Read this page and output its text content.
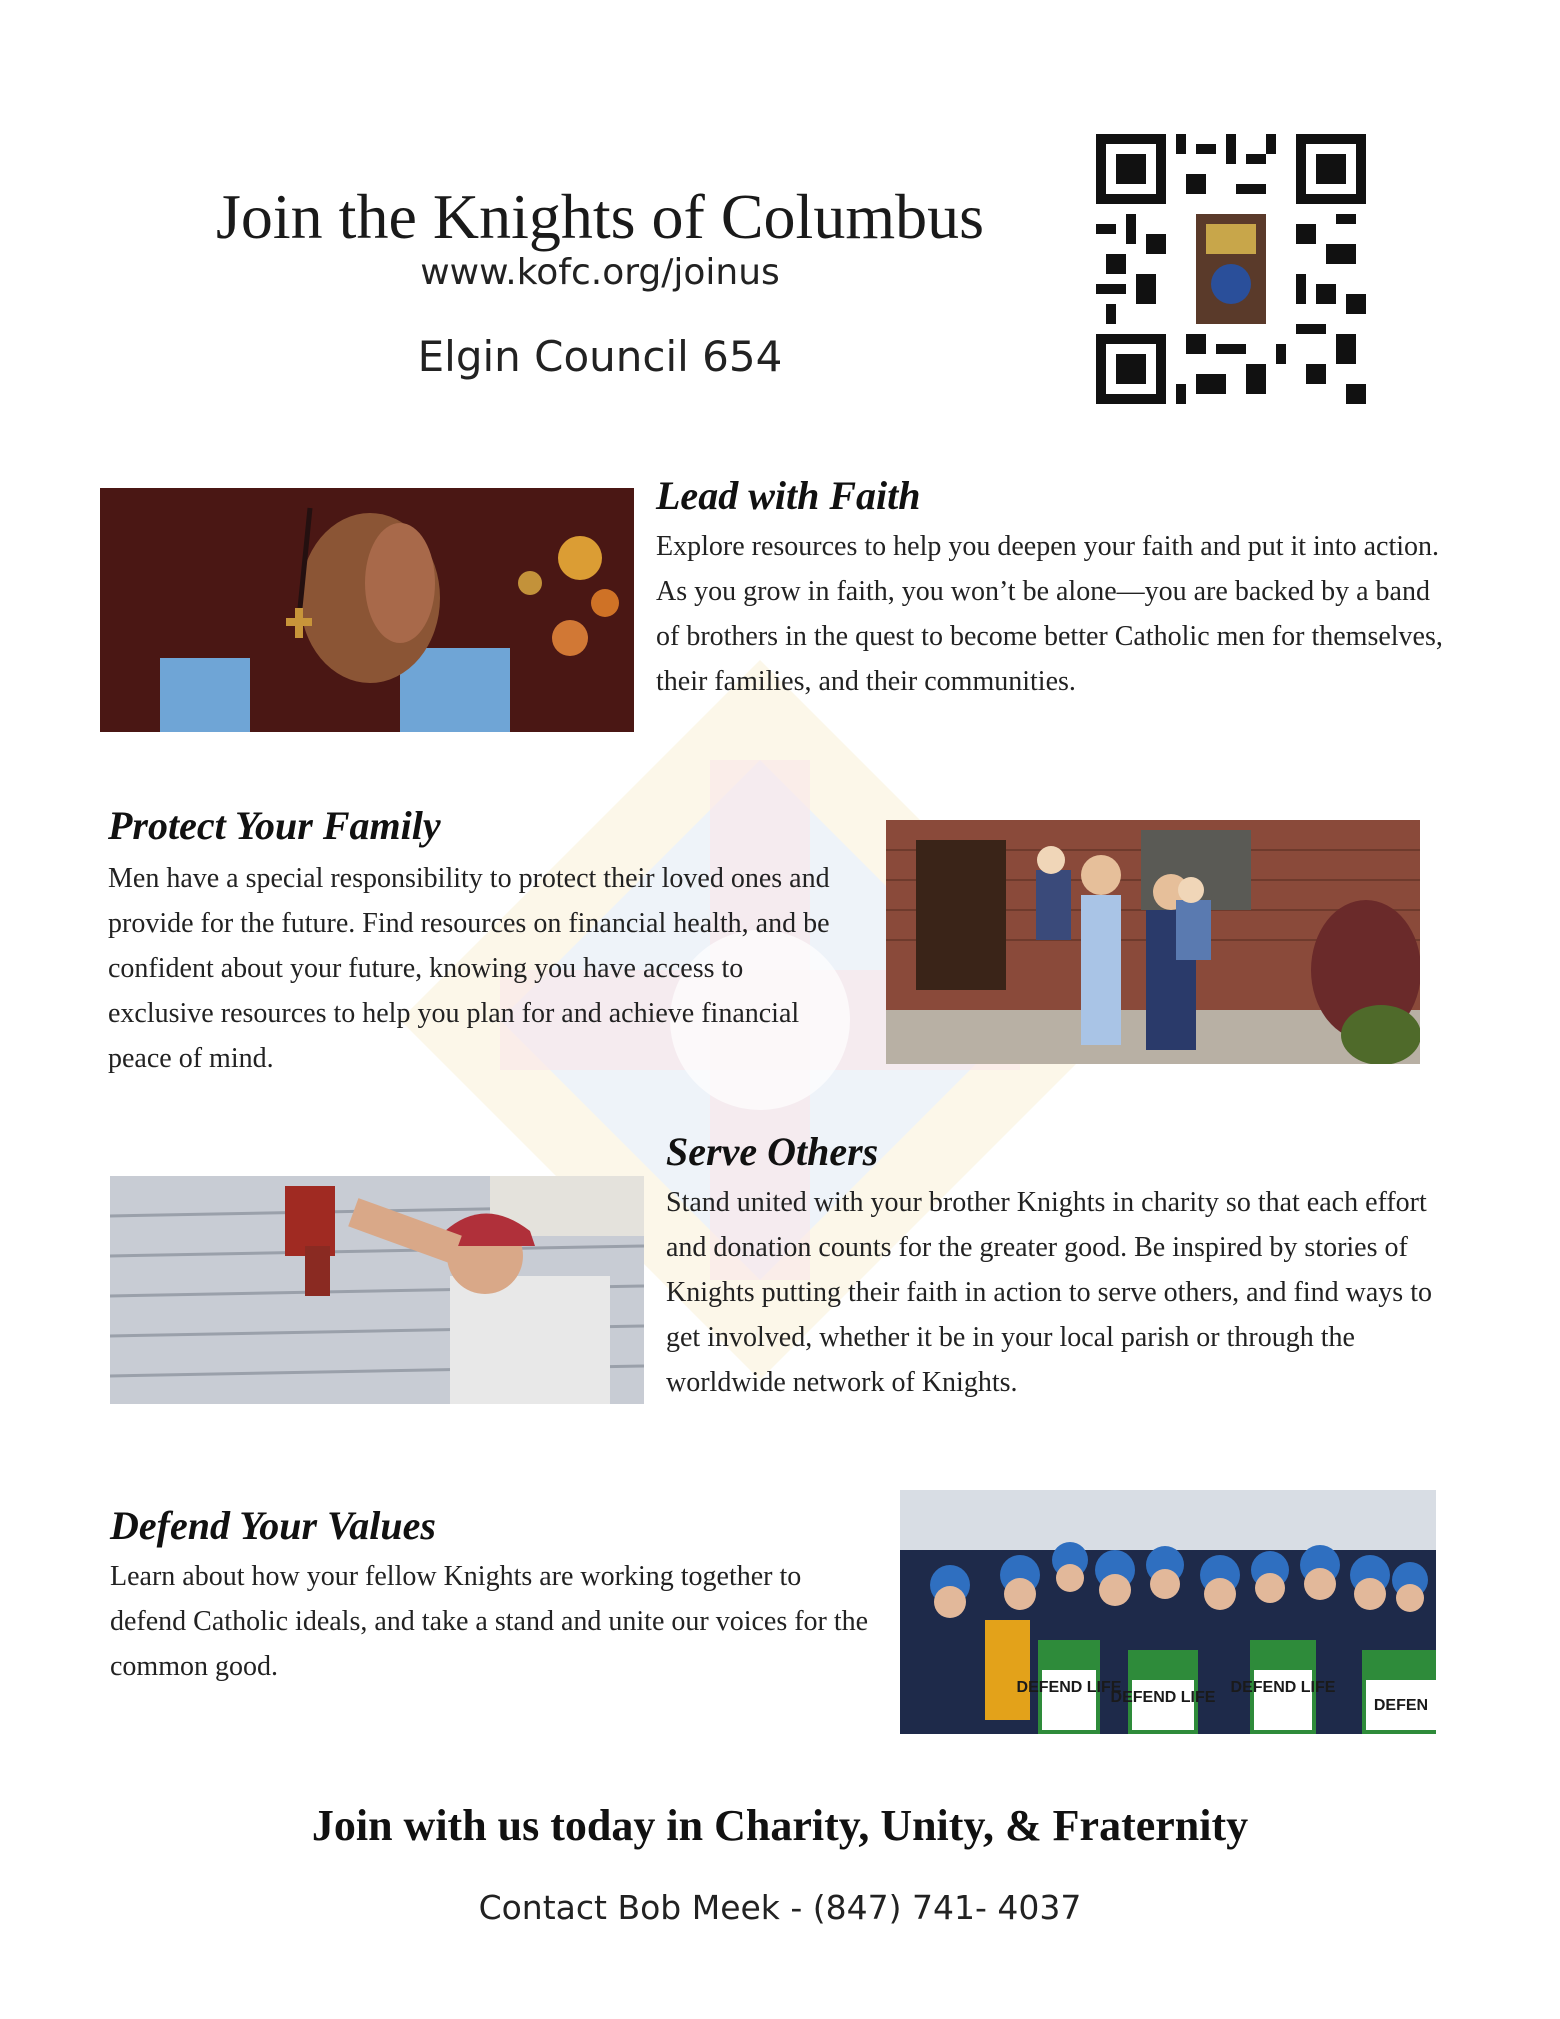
Join the Knights of Columbus
www.kofc.org/joinus
Elgin Council 654
Lead with Faith
Explore resources to help you deepen your faith and put it into action. As you grow in faith, you won’t be alone—you are backed by a band of brothers in the quest to become better Catholic men for themselves, their families, and their communities.
Protect Your Family
Men have a special responsibility to protect their loved ones and provide for the future. Find resources on financial health, and be confident about your future, knowing you have access to exclusive resources to help you plan for and achieve financial peace of mind.
Serve Others
Stand united with your brother Knights in charity so that each effort and donation counts for the greater good. Be inspired by stories of Knights putting their faith in action to serve others, and find ways to get involved, whether it be in your local parish or through the worldwide network of Knights.
Defend Your Values
Learn about how your fellow Knights are working together to defend Catholic ideals, and take a stand and unite our voices for the common good.
DEFEND LIFE
DEFEND LIFE
DEFEND LIFE
DEFEN
Join with us today in Charity, Unity, & Fraternity
Contact Bob Meek - (847) 741- 4037
